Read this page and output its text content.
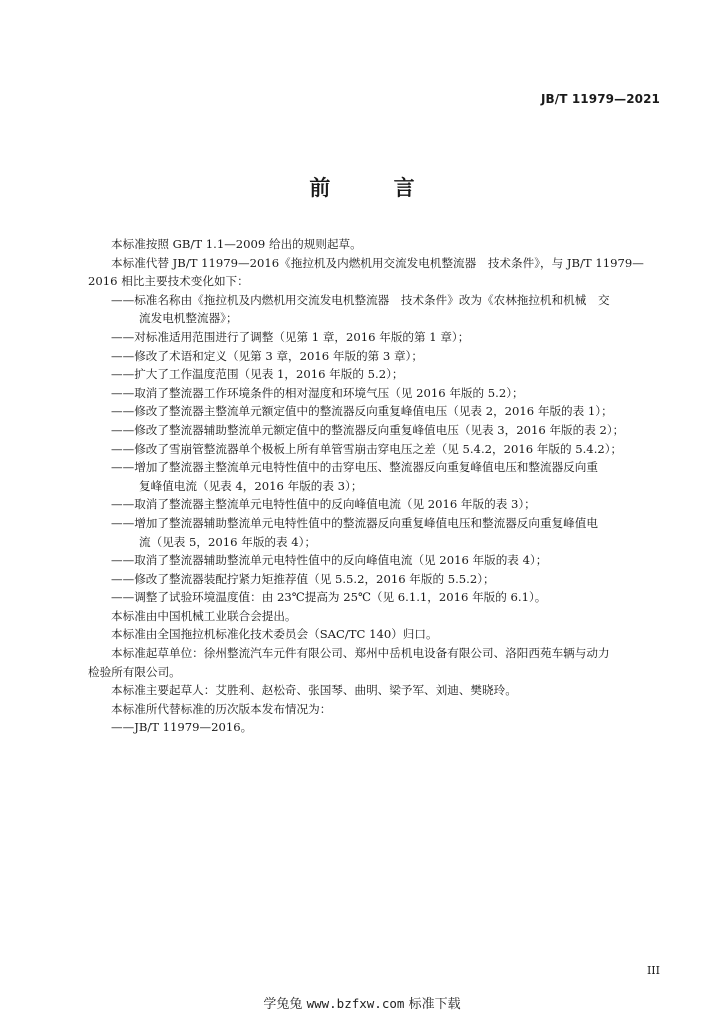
JB/T 11979—2021
前 言
本标准按照 GB/T 1.1—2009 给出的规则起草。
本标准代替 JB/T 11979—2016《拖拉机及内燃机用交流发电机整流器　技术条件》，与 JB/T 11979—
2016 相比主要技术变化如下：
——标准名称由《拖拉机及内燃机用交流发电机整流器　技术条件》改为《农林拖拉机和机械　交
流发电机整流器》；
——对标准适用范围进行了调整（见第 1 章，2016 年版的第 1 章）；
——修改了术语和定义（见第 3 章，2016 年版的第 3 章）；
——扩大了工作温度范围（见表 1，2016 年版的 5.2）；
——取消了整流器工作环境条件的相对湿度和环境气压（见 2016 年版的 5.2）；
——修改了整流器主整流单元额定值中的整流器反向重复峰值电压（见表 2，2016 年版的表 1）；
——修改了整流器辅助整流单元额定值中的整流器反向重复峰值电压（见表 3，2016 年版的表 2）；
——修改了雪崩管整流器单个极板上所有单管雪崩击穿电压之差（见 5.4.2，2016 年版的 5.4.2）；
——增加了整流器主整流单元电特性值中的击穿电压、整流器反向重复峰值电压和整流器反向重
复峰值电流（见表 4，2016 年版的表 3）；
——取消了整流器主整流单元电特性值中的反向峰值电流（见 2016 年版的表 3）；
——增加了整流器辅助整流单元电特性值中的整流器反向重复峰值电压和整流器反向重复峰值电
流（见表 5，2016 年版的表 4）；
——取消了整流器辅助整流单元电特性值中的反向峰值电流（见 2016 年版的表 4）；
——修改了整流器装配拧紧力矩推荐值（见 5.5.2，2016 年版的 5.5.2）；
——调整了试验环境温度值：由 23℃提高为 25℃（见 6.1.1，2016 年版的 6.1）。
本标准由中国机械工业联合会提出。
本标准由全国拖拉机标准化技术委员会（SAC/TC 140）归口。
本标准起草单位：徐州整流汽车元件有限公司、郑州中岳机电设备有限公司、洛阳西苑车辆与动力
检验所有限公司。
本标准主要起草人：艾胜利、赵松奇、张国琴、曲明、梁予军、刘迪、樊晓玲。
本标准所代替标准的历次版本发布情况为：
——JB/T 11979—2016。
III
学兔兔 www.bzfxw.com 标准下载
